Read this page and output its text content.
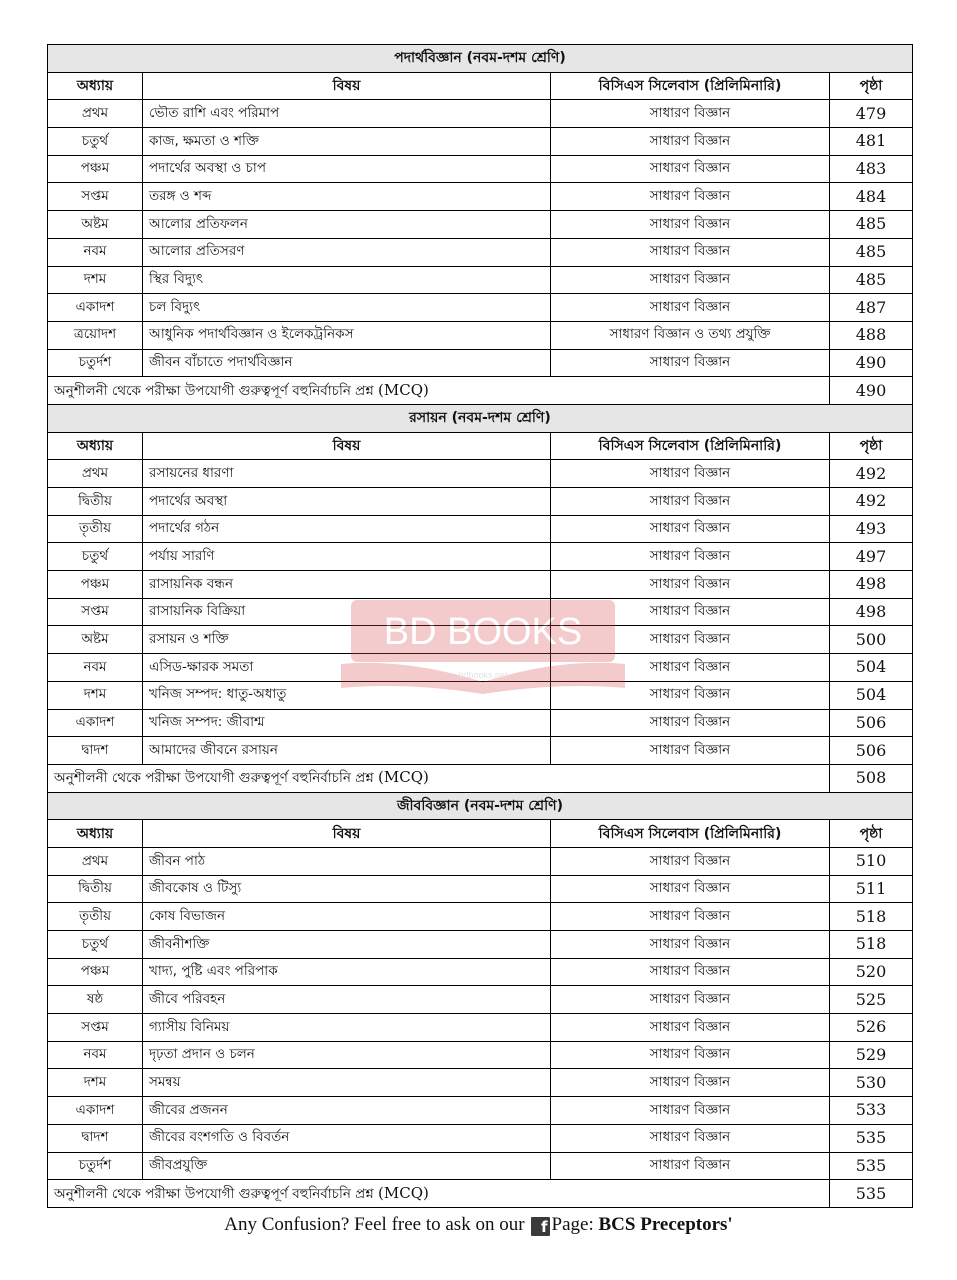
পদার্থবিজ্ঞান (নবম-দশম শ্রেণি)			
অধ্যায়	বিষয়	বিসিএস সিলেবাস (প্রিলিমিনারি)	পৃষ্ঠা
প্রথম	ভৌত রাশি এবং পরিমাপ	সাধারণ বিজ্ঞান	479
চতুর্থ	কাজ, ক্ষমতা ও শক্তি	সাধারণ বিজ্ঞান	481
পঞ্চম	পদার্থের অবস্থা ও চাপ	সাধারণ বিজ্ঞান	483
সপ্তম	তরঙ্গ ও শব্দ	সাধারণ বিজ্ঞান	484
অষ্টম	আলোর প্রতিফলন	সাধারণ বিজ্ঞান	485
নবম	আলোর প্রতিসরণ	সাধারণ বিজ্ঞান	485
দশম	স্থির বিদ্যুৎ	সাধারণ বিজ্ঞান	485
একাদশ	চল বিদ্যুৎ	সাধারণ বিজ্ঞান	487
ত্রয়োদশ	আধুনিক পদার্থবিজ্ঞান ও ইলেকট্রনিকস	সাধারণ বিজ্ঞান ও তথ্য প্রযুক্তি	488
চতুর্দশ	জীবন বাঁচাতে পদার্থবিজ্ঞান	সাধারণ বিজ্ঞান	490
অনুশীলনী থেকে পরীক্ষা উপযোগী গুরুত্বপূর্ণ বহুনির্বাচনি প্রশ্ন (MCQ)			490
রসায়ন (নবম-দশম শ্রেণি)			
অধ্যায়	বিষয়	বিসিএস সিলেবাস (প্রিলিমিনারি)	পৃষ্ঠা
প্রথম	রসায়নের ধারণা	সাধারণ বিজ্ঞান	492
দ্বিতীয়	পদার্থের অবস্থা	সাধারণ বিজ্ঞান	492
তৃতীয়	পদার্থের গঠন	সাধারণ বিজ্ঞান	493
চতুর্থ	পর্যায় সারণি	সাধারণ বিজ্ঞান	497
পঞ্চম	রাসায়নিক বন্ধন	সাধারণ বিজ্ঞান	498
সপ্তম	রাসায়নিক বিক্রিয়া	সাধারণ বিজ্ঞান	498
অষ্টম	রসায়ন ও শক্তি	সাধারণ বিজ্ঞান	500
নবম	এসিড-ক্ষারক সমতা	সাধারণ বিজ্ঞান	504
দশম	খনিজ সম্পদ: ধাতু-অধাতু	সাধারণ বিজ্ঞান	504
একাদশ	খনিজ সম্পদ: জীবাশ্ম	সাধারণ বিজ্ঞান	506
দ্বাদশ	আমাদের জীবনে রসায়ন	সাধারণ বিজ্ঞান	506
অনুশীলনী থেকে পরীক্ষা উপযোগী গুরুত্বপূর্ণ বহুনির্বাচনি প্রশ্ন (MCQ)			508
জীববিজ্ঞান (নবম-দশম শ্রেণি)			
অধ্যায়	বিষয়	বিসিএস সিলেবাস (প্রিলিমিনারি)	পৃষ্ঠা
প্রথম	জীবন পাঠ	সাধারণ বিজ্ঞান	510
দ্বিতীয়	জীবকোষ ও টিস্যু	সাধারণ বিজ্ঞান	511
তৃতীয়	কোষ বিভাজন	সাধারণ বিজ্ঞান	518
চতুর্থ	জীবনীশক্তি	সাধারণ বিজ্ঞান	518
পঞ্চম	খাদ্য, পুষ্টি এবং পরিপাক	সাধারণ বিজ্ঞান	520
ষষ্ঠ	জীবে পরিবহন	সাধারণ বিজ্ঞান	525
সপ্তম	গ্যাসীয় বিনিময়	সাধারণ বিজ্ঞান	526
নবম	দৃঢ়তা প্রদান ও চলন	সাধারণ বিজ্ঞান	529
দশম	সমন্বয়	সাধারণ বিজ্ঞান	530
একাদশ	জীবের প্রজনন	সাধারণ বিজ্ঞান	533
দ্বাদশ	জীবের বংশগতি ও বিবর্তন	সাধারণ বিজ্ঞান	535
চতুর্দশ	জীবপ্রযুক্তি	সাধারণ বিজ্ঞান	535
অনুশীলনী থেকে পরীক্ষা উপযোগী গুরুত্বপূর্ণ বহুনির্বাচনি প্রশ্ন (MCQ)			535
BD BOOKS
bdbooks.net
Any Confusion? Feel free to ask on our f Page: BCS Preceptors'
